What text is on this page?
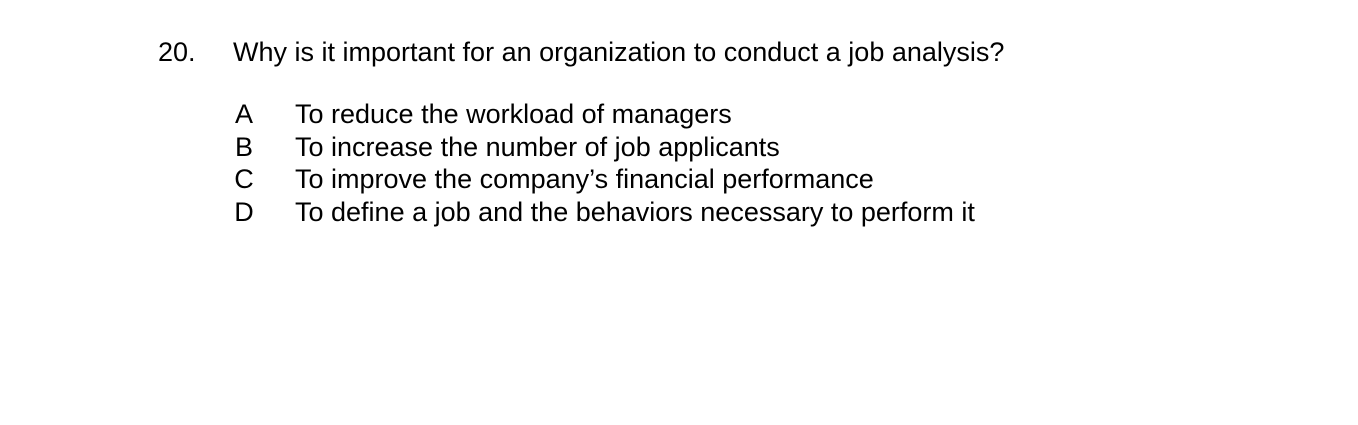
20. Why is it important for an organization to conduct a job analysis?
A To reduce the workload of managers
B To increase the number of job applicants
C To improve the company’s financial performance
D To define a job and the behaviors necessary to perform it
